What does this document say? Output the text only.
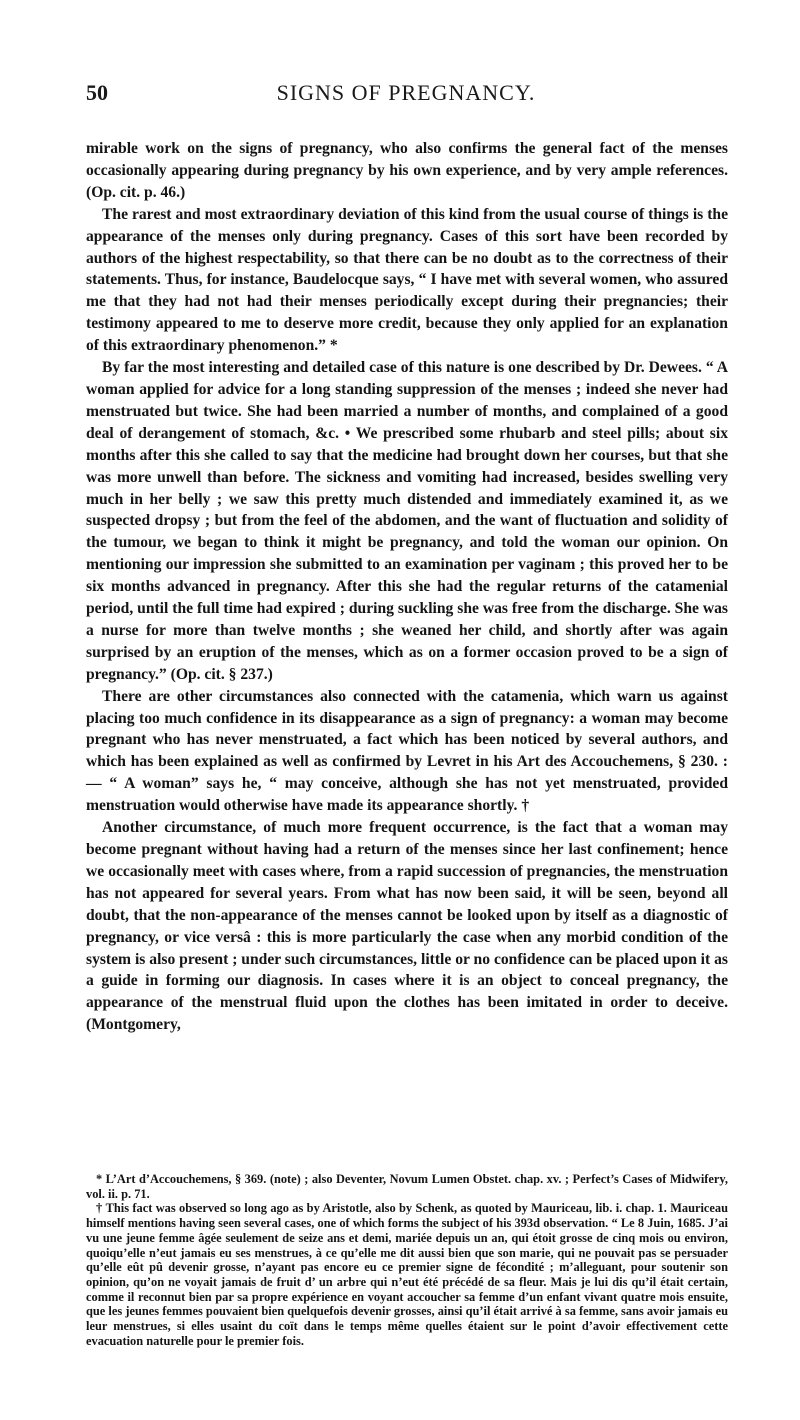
50	SIGNS OF PREGNANCY.

mirable work on the signs of pregnancy, who also confirms the general fact of the menses occasionally appearing during pregnancy by his own experience, and by very ample references. (Op. cit. p. 46.)

The rarest and most extraordinary deviation of this kind from the usual course of things is the appearance of the menses only during pregnancy. Cases of this sort have been recorded by authors of the highest respectability, so that there can be no doubt as to the correctness of their statements. Thus, for instance, Baudelocque says, “ I have met with several women, who assured me that they had not had their menses periodically except during their pregnancies; their testimony appeared to me to deserve more credit, because they only applied for an explanation of this extraordinary phenomenon.” *

By far the most interesting and detailed case of this nature is one described by Dr. Dewees. “ A woman applied for advice for a long standing suppression of the menses ; indeed she never had menstruated but twice. She had been married a number of months, and complained of a good deal of derangement of stomach, &c. • We prescribed some rhubarb and steel pills; about six months after this she called to say that the medicine had brought down her courses, but that she was more unwell than before. The sickness and vomiting had increased, besides swelling very much in her belly ; we saw this pretty much distended and immediately examined it, as we suspected dropsy ; but from the feel of the abdomen, and the want of fluctuation and solidity of the tumour, we began to think it might be pregnancy, and told the woman our opinion. On mentioning our impression she submitted to an examination per vaginam ; this proved her to be six months advanced in pregnancy. After this she had the regular returns of the catamenial period, until the full time had expired ; during suckling she was free from the discharge. She was a nurse for more than twelve months ; she weaned her child, and shortly after was again surprised by an eruption of the menses, which as on a former occasion proved to be a sign of pregnancy.” (Op. cit. § 237.)

There are other circumstances also connected with the catamenia, which warn us against placing too much confidence in its disappearance as a sign of pregnancy: a woman may become pregnant who has never menstruated, a fact which has been noticed by several authors, and which has been explained as well as confirmed by Levret in his Art des Accouchemens, § 230. : — “ A woman” says he, “ may conceive, although she has not yet menstruated, provided menstruation would otherwise have made its appearance shortly. †

Another circumstance, of much more frequent occurrence, is the fact that a woman may become pregnant without having had a return of the menses since her last confinement; hence we occasionally meet with cases where, from a rapid succession of pregnancies, the menstruation has not appeared for several years. From what has now been said, it will be seen, beyond all doubt, that the non-appearance of the menses cannot be looked upon by itself as a diagnostic of pregnancy, or vice versâ : this is more particularly the case when any morbid condition of the system is also present ; under such circumstances, little or no confidence can be placed upon it as a guide in forming our diagnosis. In cases where it is an object to conceal pregnancy, the appearance of the menstrual fluid upon the clothes has been imitated in order to deceive. (Montgomery,

* L’Art d’Accouchemens, § 369. (note) ; also Deventer, Novum Lumen Obstet. chap. xv. ; Perfect’s Cases of Midwifery, vol. ii. p. 71.

† This fact was observed so long ago as by Aristotle, also by Schenk, as quoted by Mauriceau, lib. i. chap. 1. Mauriceau himself mentions having seen several cases, one of which forms the subject of his 393d observation. “ Le 8 Juin, 1685. J’ai vu une jeune femme âgée seulement de seize ans et demi, mariée depuis un an, qui étoit grosse de cinq mois ou environ, quoiqu’elle n’eut jamais eu ses menstrues, à ce qu’elle me dit aussi bien que son marie, qui ne pouvait pas se persuader qu’elle eût pû devenir grosse, n’ayant pas encore eu ce premier signe de fécondité ; m’alleguant, pour soutenir son opinion, qu’on ne voyait jamais de fruit d’ un arbre qui n’eut été précédé de sa fleur. Mais je lui dis qu’il était certain, comme il reconnut bien par sa propre expérience en voyant accoucher sa femme d’un enfant vivant quatre mois ensuite, que les jeunes femmes pouvaient bien quelquefois devenir grosses, ainsi qu’il était arrivé à sa femme, sans avoir jamais eu leur menstrues, si elles usaint du coït dans le temps même quelles étaient sur le point d’avoir effectivement cette evacuation naturelle pour le premier fois.
